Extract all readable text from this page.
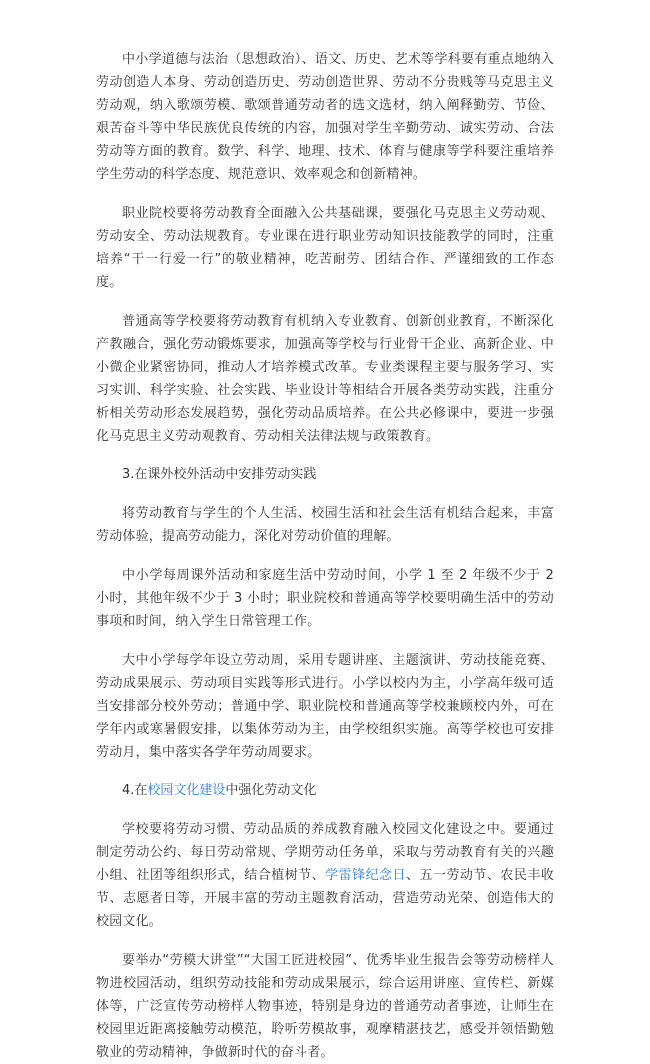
中小学道德与法治（思想政治）、语文、历史、艺术等学科要有重点地纳入劳动创造人本身、劳动创造历史、劳动创造世界、劳动不分贵贱等马克思主义劳动观，纳入歌颂劳模、歌颂普通劳动者的选文选材，纳入阐释勤劳、节俭、艰苦奋斗等中华民族优良传统的内容，加强对学生辛勤劳动、诚实劳动、合法劳动等方面的教育。数学、科学、地理、技术、体育与健康等学科要注重培养学生劳动的科学态度、规范意识、效率观念和创新精神。

职业院校要将劳动教育全面融入公共基础课，要强化马克思主义劳动观、劳动安全、劳动法规教育。专业课在进行职业劳动知识技能教学的同时，注重培养“干一行爱一行”的敬业精神，吃苦耐劳、团结合作、严谨细致的工作态度。

普通高等学校要将劳动教育有机纳入专业教育、创新创业教育，不断深化产教融合，强化劳动锻炼要求，加强高等学校与行业骨干企业、高新企业、中小微企业紧密协同，推动人才培养模式改革。专业类课程主要与服务学习、实习实训、科学实验、社会实践、毕业设计等相结合开展各类劳动实践，注重分析相关劳动形态发展趋势，强化劳动品质培养。在公共必修课中，要进一步强化马克思主义劳动观教育、劳动相关法律法规与政策教育。

3.在课外校外活动中安排劳动实践

将劳动教育与学生的个人生活、校园生活和社会生活有机结合起来，丰富劳动体验，提高劳动能力，深化对劳动价值的理解。

中小学每周课外活动和家庭生活中劳动时间，小学 1 至 2 年级不少于 2 小时，其他年级不少于 3 小时；职业院校和普通高等学校要明确生活中的劳动事项和时间，纳入学生日常管理工作。

大中小学每学年设立劳动周，采用专题讲座、主题演讲、劳动技能竞赛、劳动成果展示、劳动项目实践等形式进行。小学以校内为主，小学高年级可适当安排部分校外劳动；普通中学、职业院校和普通高等学校兼顾校内外，可在学年内或寒暑假安排，以集体劳动为主，由学校组织实施。高等学校也可安排劳动月，集中落实各学年劳动周要求。

4.在校园文化建设中强化劳动文化

学校要将劳动习惯、劳动品质的养成教育融入校园文化建设之中。要通过制定劳动公约、每日劳动常规、学期劳动任务单，采取与劳动教育有关的兴趣小组、社团等组织形式，结合植树节、学雷锋纪念日、五一劳动节、农民丰收节、志愿者日等，开展丰富的劳动主题教育活动，营造劳动光荣、创造伟大的校园文化。

要举办“劳模大讲堂”“大国工匠进校园”、优秀毕业生报告会等劳动榜样人物进校园活动，组织劳动技能和劳动成果展示，综合运用讲座、宣传栏、新媒体等，广泛宣传劳动榜样人物事迹，特别是身边的普通劳动者事迹，让师生在校园里近距离接触劳动模范，聆听劳模故事，观摩精湛技艺，感受并领悟勤勉敬业的劳动精神，争做新时代的奋斗者。
